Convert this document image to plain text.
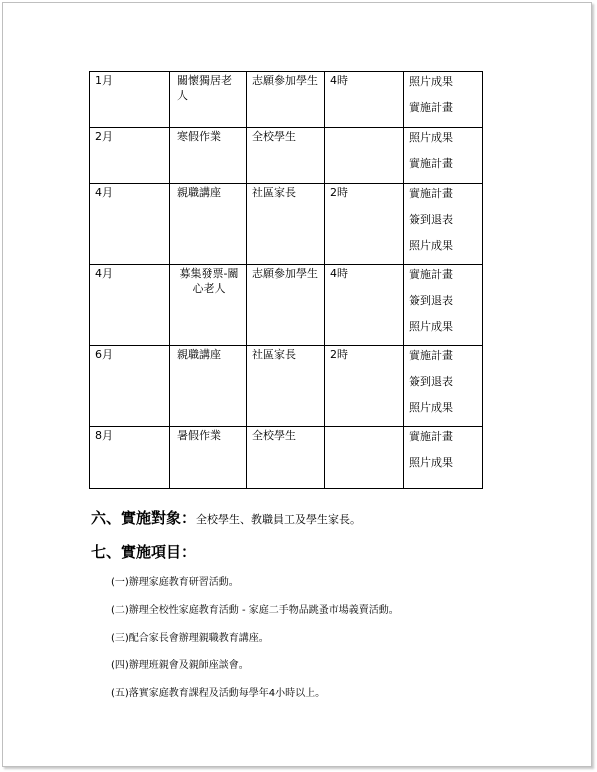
1月	關懷獨居老人	志願參加學生	4時	照片成果
實施計畫

2月	寒假作業	全校學生		照片成果
實施計畫

4月	親職講座	社區家長	2時	實施計畫
簽到退表
照片成果

4月	募集發票-關心老人	志願參加學生	4時	實施計畫
簽到退表
照片成果

6月	親職講座	社區家長	2時	實施計畫
簽到退表
照片成果

8月	暑假作業	全校學生		實施計畫
照片成果
六、實施對象：全校學生、教職員工及學生家長。
七、實施項目：
(一)辦理家庭教育研習活動。
(二)辦理全校性家庭教育活動 - 家庭二手物品跳蚤市場義賣活動。
(三)配合家長會辦理親職教育講座。
(四)辦理班親會及親師座談會。
(五)落實家庭教育課程及活動每學年4小時以上。
